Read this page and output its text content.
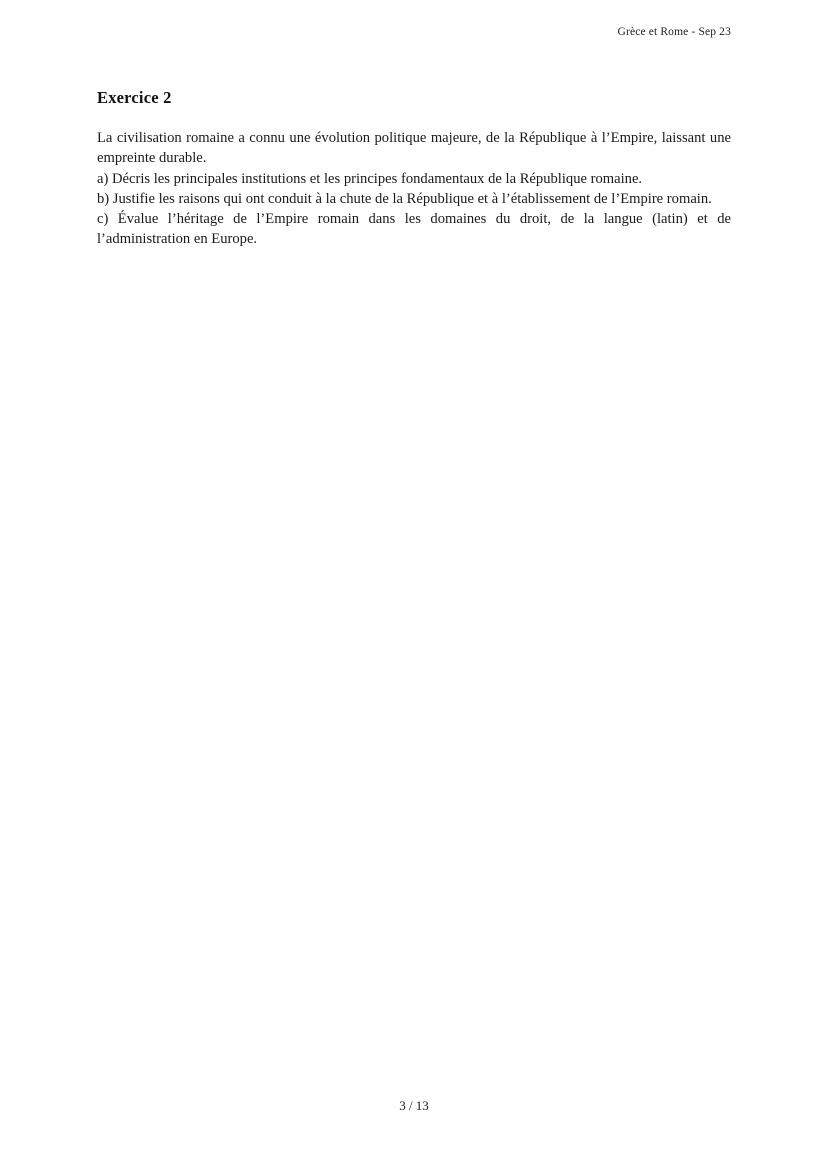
Grèce et Rome - Sep 23
Exercice 2

La civilisation romaine a connu une évolution politique majeure, de la République à l’Empire, laissant une empreinte durable.

a) Décris les principales institutions et les principes fondamentaux de la République romaine.

b) Justifie les raisons qui ont conduit à la chute de la République et à l’établissement de l’Empire romain.

c) Évalue l’héritage de l’Empire romain dans les domaines du droit, de la langue (latin) et de l’administration en Europe.

3 / 13
